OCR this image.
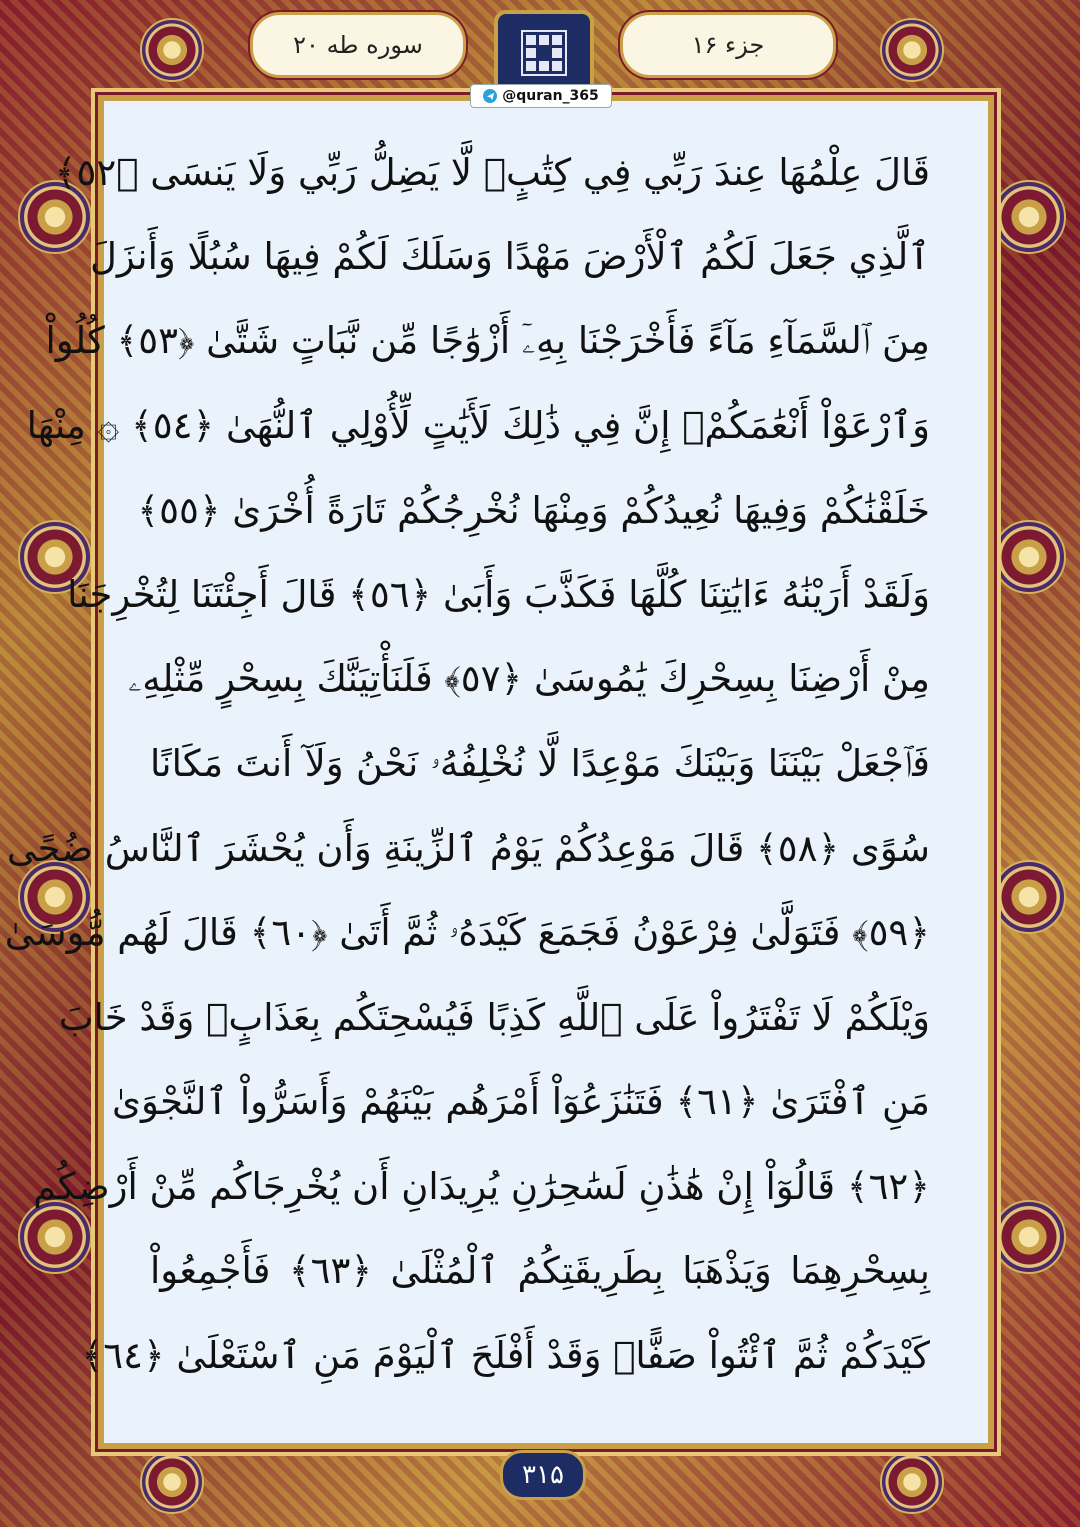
سوره طه ۲۰	جزء ۱۶
@quran_365
قَالَ عِلْمُهَا عِندَ رَبِّي فِي كِتَٰبٍۖ لَّا يَضِلُّ رَبِّي وَلَا يَنسَى ﴿٥٢﴾
ٱلَّذِي جَعَلَ لَكُمُ ٱلْأَرْضَ مَهْدًا وَسَلَكَ لَكُمْ فِيهَا سُبُلًا وَأَنزَلَ
مِنَ ٱلسَّمَآءِ مَآءً فَأَخْرَجْنَا بِهِۦٓ أَزْوَٰجًا مِّن نَّبَاتٍ شَتَّىٰ ﴿٥٣﴾ كُلُواْ
وَٱرْعَوْاْ أَنْعَٰمَكُمْۚ إِنَّ فِي ذَٰلِكَ لَأَيَٰتٍ لِّأُوْلِي ٱلنُّهَىٰ ﴿٥٤﴾ ۞ مِنْهَا
خَلَقْنَٰكُمْ وَفِيهَا نُعِيدُكُمْ وَمِنْهَا نُخْرِجُكُمْ تَارَةً أُخْرَىٰ ﴿٥٥﴾
وَلَقَدْ أَرَيْنَٰهُ ءَايَٰتِنَا كُلَّهَا فَكَذَّبَ وَأَبَىٰ ﴿٥٦﴾ قَالَ أَجِئْتَنَا لِتُخْرِجَنَا
مِنْ أَرْضِنَا بِسِحْرِكَ يَٰمُوسَىٰ ﴿٥٧﴾ فَلَنَأْتِيَنَّكَ بِسِحْرٍ مِّثْلِهِۦ
فَٱجْعَلْ بَيْنَنَا وَبَيْنَكَ مَوْعِدًا لَّا نُخْلِفُهُۥ نَحْنُ وَلَآ أَنتَ مَكَانًا
سُوًى ﴿٥٨﴾ قَالَ مَوْعِدُكُمْ يَوْمُ ٱلزِّينَةِ وَأَن يُحْشَرَ ٱلنَّاسُ ضُحًى
﴿٥٩﴾ فَتَوَلَّىٰ فِرْعَوْنُ فَجَمَعَ كَيْدَهُۥ ثُمَّ أَتَىٰ ﴿٦٠﴾ قَالَ لَهُم مُّوسَىٰ
وَيْلَكُمْ لَا تَفْتَرُواْ عَلَى ٱللَّهِ كَذِبًا فَيُسْحِتَكُم بِعَذَابٍۖ وَقَدْ خَابَ
مَنِ ٱفْتَرَىٰ ﴿٦١﴾ فَتَنَٰزَعُوٓاْ أَمْرَهُم بَيْنَهُمْ وَأَسَرُّواْ ٱلنَّجْوَىٰ
﴿٦٢﴾ قَالُوٓاْ إِنْ هَٰذَٰنِ لَسَٰحِرَٰنِ يُرِيدَانِ أَن يُخْرِجَاكُم مِّنْ أَرْضِكُم
بِسِحْرِهِمَا وَيَذْهَبَا بِطَرِيقَتِكُمُ ٱلْمُثْلَىٰ ﴿٦٣﴾ فَأَجْمِعُواْ
كَيْدَكُمْ ثُمَّ ٱئْتُواْ صَفًّاۚ وَقَدْ أَفْلَحَ ٱلْيَوْمَ مَنِ ٱسْتَعْلَىٰ ﴿٦٤﴾
۳۱۵
